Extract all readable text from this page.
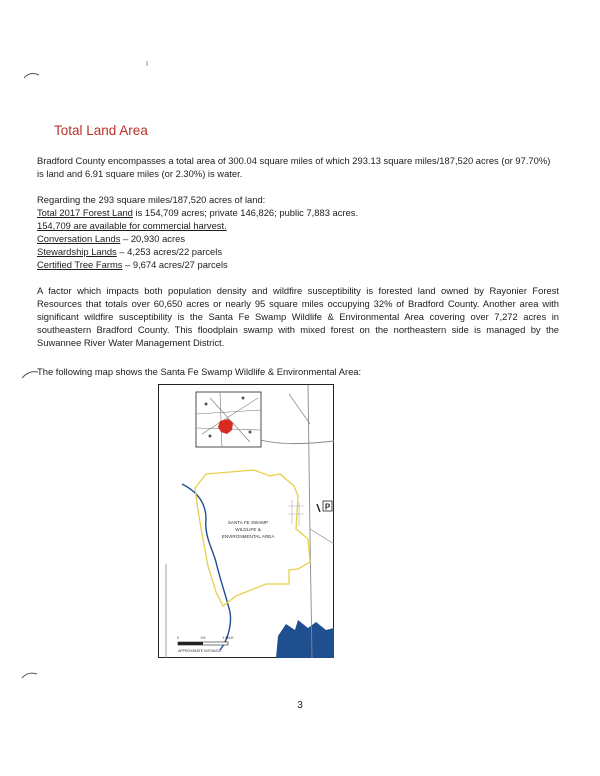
Total Land Area

Bradford County encompasses a total area of 300.04 square miles of which 293.13 square miles/187,520 acres (or 97.70%) is land and 6.91 square miles (or 2.30%) is water.

Regarding the 293 square miles/187,520 acres of land:
Total 2017 Forest Land is 154,709 acres; private 146,826; public 7,883 acres.
154,709 are available for commercial harvest.
Conversation Lands – 20,930 acres
Stewardship Lands – 4,253 acres/22 parcels
Certified Tree Farms – 9,674 acres/27 parcels

A factor which impacts both population density and wildfire susceptibility is forested land owned by Rayonier Forest Resources that totals over 60,650 acres or nearly 95 square miles occupying 32% of Bradford County. Another area with significant wildfire susceptibility is the Santa Fe Swamp Wildlife & Environmental Area covering over 7,272 acres in southeastern Bradford County. This floodplain swamp with mixed forest on the northeastern side is managed by the Suwannee River Water Management District.

The following map shows the Santa Fe Swamp Wildlife & Environmental Area:

P
SANTA FE SWAMP
WILDLIFE &
ENVIRONMENTAL AREA
0	0.5	1 MILE
APPROXIMATE DISTANCE
3
